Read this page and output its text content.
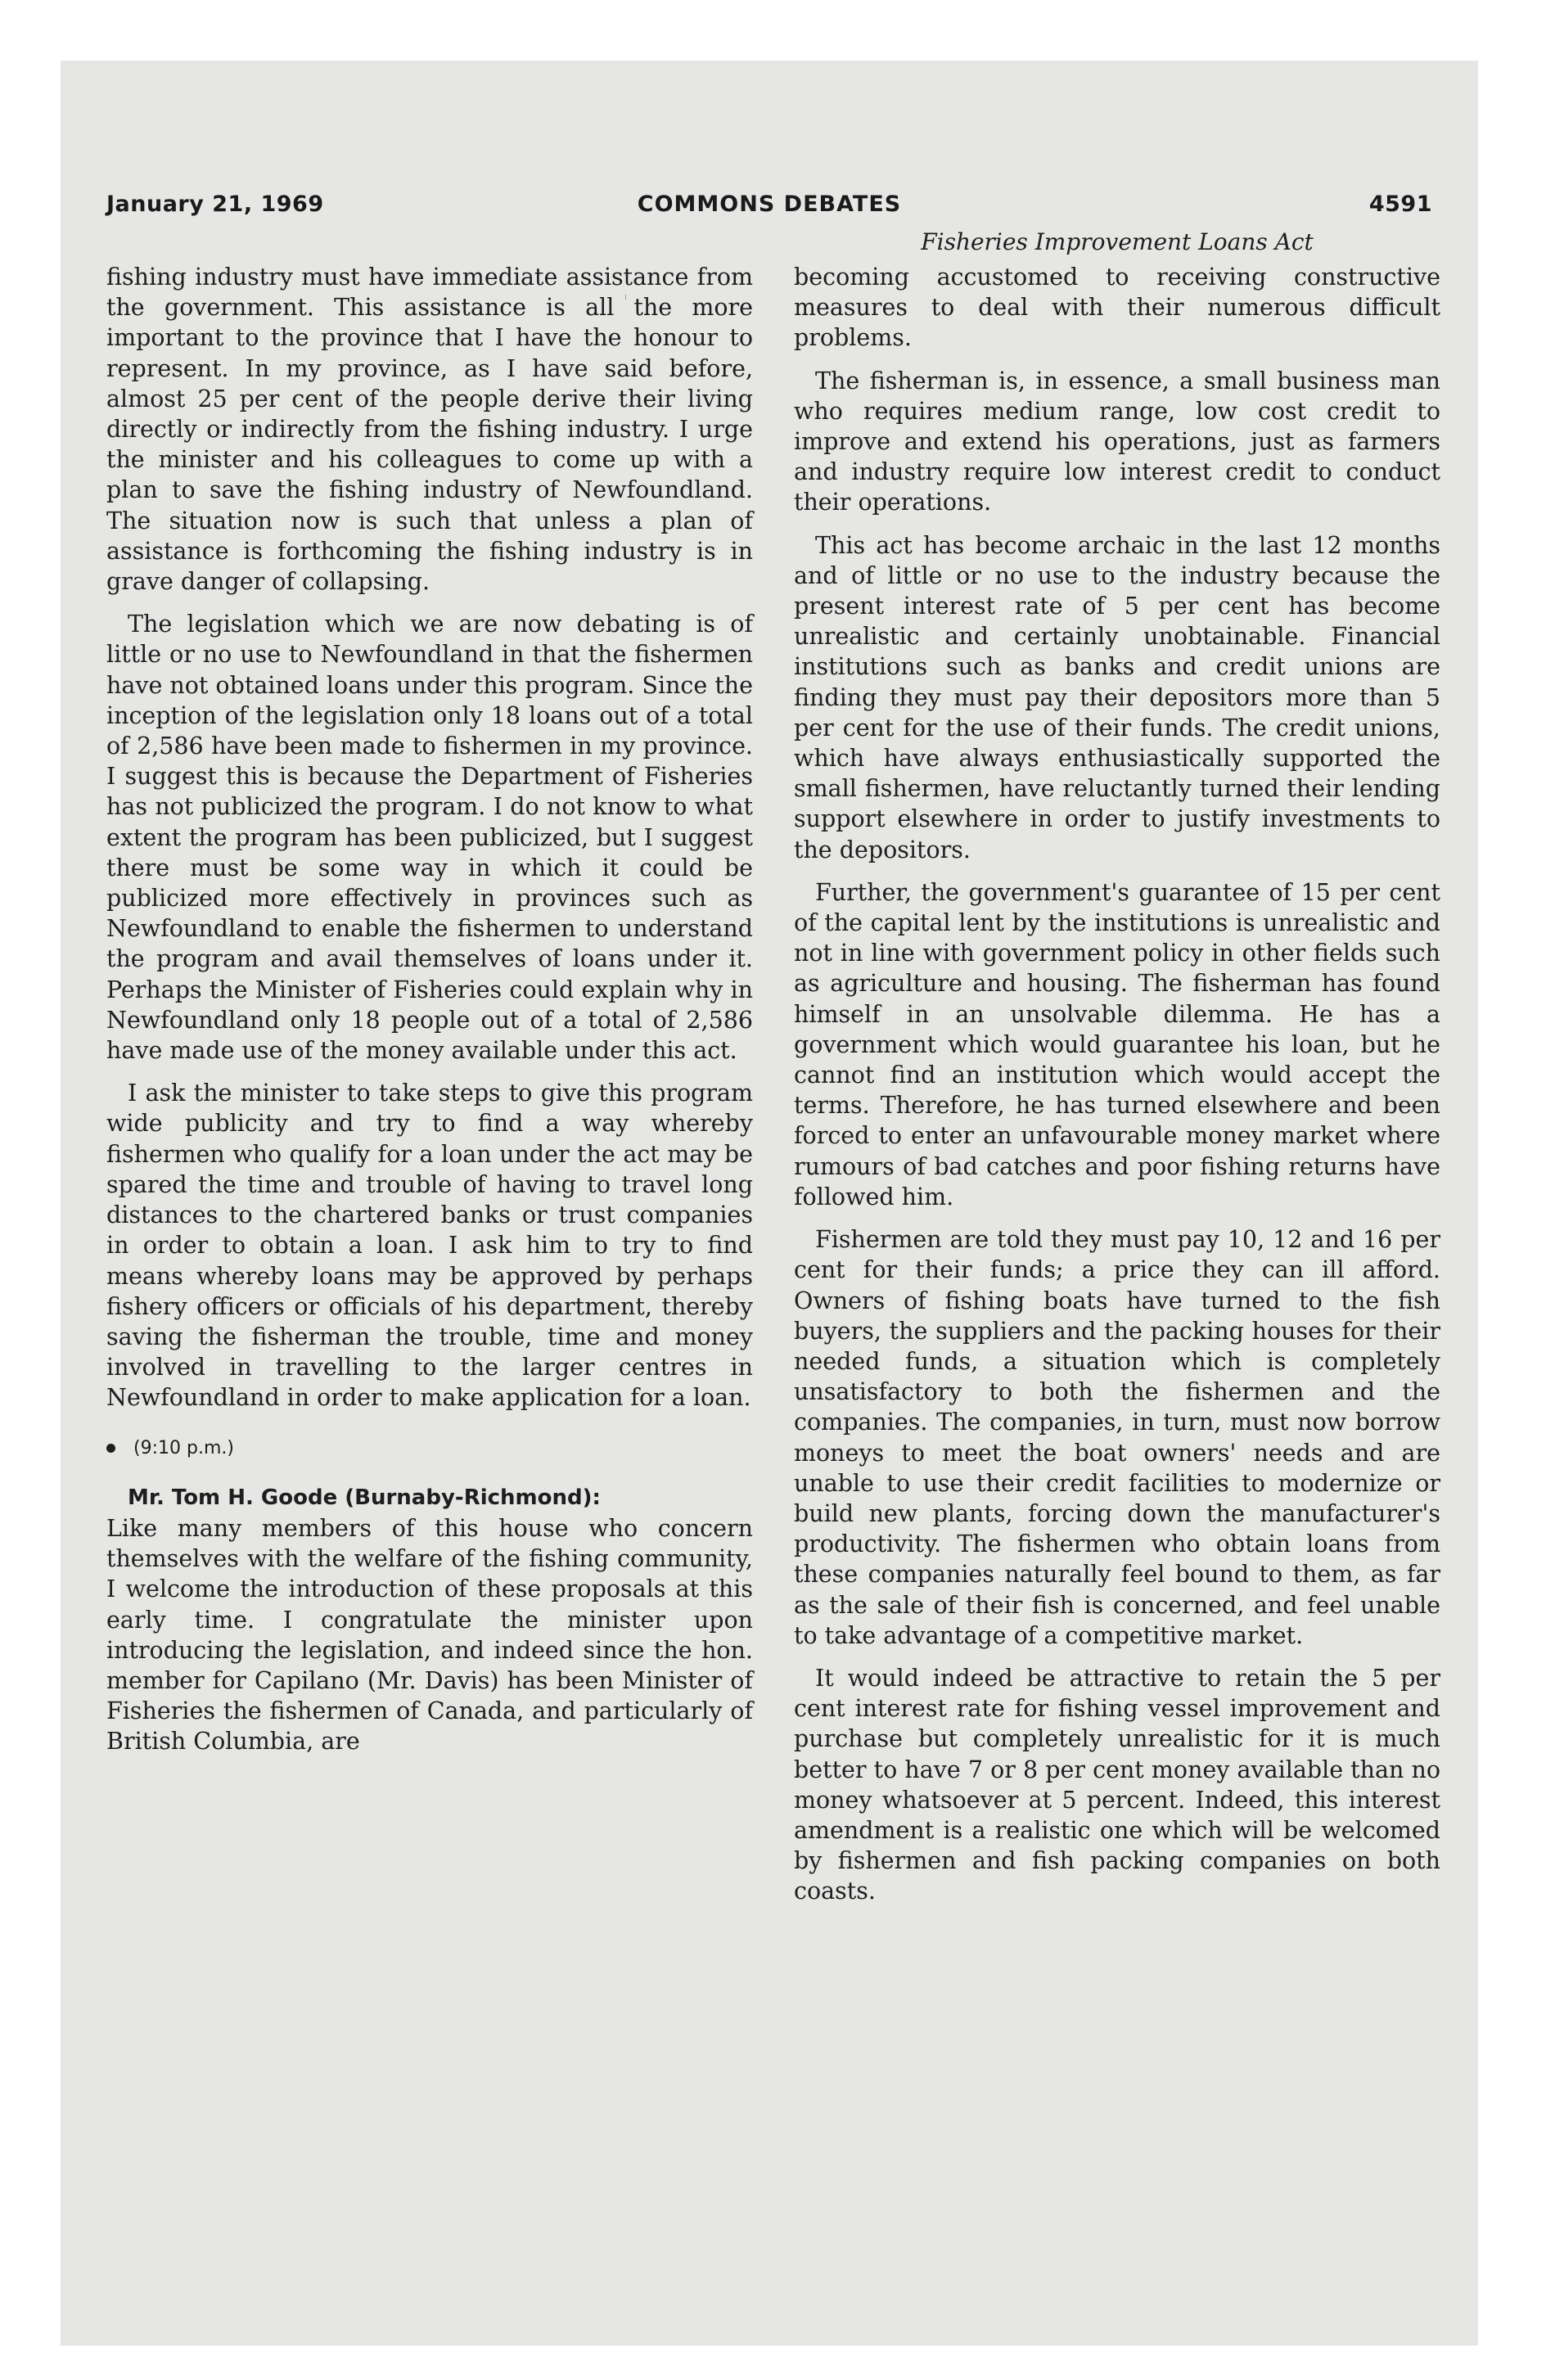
January 21, 1969	COMMONS DEBATES	4591
Fisheries Improvement Loans Act

fishing industry must have immediate assistance from the government. This assistance is all the more important to the province that I have the honour to represent. In my province, as I have said before, almost 25 per cent of the people derive their living directly or indirectly from the fishing industry. I urge the minister and his colleagues to come up with a plan to save the fishing industry of Newfoundland. The situation now is such that unless a plan of assistance is forthcoming the fishing industry is in grave danger of collapsing.

The legislation which we are now debating is of little or no use to Newfoundland in that the fishermen have not obtained loans under this program. Since the inception of the legislation only 18 loans out of a total of 2,586 have been made to fishermen in my province. I suggest this is because the Department of Fisheries has not publicized the program. I do not know to what extent the program has been publicized, but I suggest there must be some way in which it could be publicized more effectively in provinces such as Newfoundland to enable the fishermen to understand the program and avail themselves of loans under it. Perhaps the Minister of Fisheries could explain why in Newfoundland only 18 people out of a total of 2,586 have made use of the money available under this act.

I ask the minister to take steps to give this program wide publicity and try to find a way whereby fishermen who qualify for a loan under the act may be spared the time and trouble of having to travel long distances to the chartered banks or trust companies in order to obtain a loan. I ask him to try to find means whereby loans may be approved by perhaps fishery officers or officials of his department, thereby saving the fisherman the trouble, time and money involved in travelling to the larger centres in Newfoundland in order to make application for a loan.

(9:10 p.m.)

Mr. Tom H. Goode (Burnaby-Richmond):

Like many members of this house who concern themselves with the welfare of the fishing community, I welcome the introduction of these proposals at this early time. I congratulate the minister upon introducing the legislation, and indeed since the hon. member for Capilano (Mr. Davis) has been Minister of Fisheries the fishermen of Canada, and particularly of British Columbia, are

becoming accustomed to receiving constructive measures to deal with their numerous difficult problems.

The fisherman is, in essence, a small business man who requires medium range, low cost credit to improve and extend his operations, just as farmers and industry require low interest credit to conduct their operations.

This act has become archaic in the last 12 months and of little or no use to the industry because the present interest rate of 5 per cent has become unrealistic and certainly unobtainable. Financial institutions such as banks and credit unions are finding they must pay their depositors more than 5 per cent for the use of their funds. The credit unions, which have always enthusiastically supported the small fishermen, have reluctantly turned their lending support elsewhere in order to justify investments to the depositors.

Further, the government's guarantee of 15 per cent of the capital lent by the institutions is unrealistic and not in line with government policy in other fields such as agriculture and housing. The fisherman has found himself in an unsolvable dilemma. He has a government which would guarantee his loan, but he cannot find an institution which would accept the terms. Therefore, he has turned elsewhere and been forced to enter an unfavourable money market where rumours of bad catches and poor fishing returns have followed him.

Fishermen are told they must pay 10, 12 and 16 per cent for their funds; a price they can ill afford. Owners of fishing boats have turned to the fish buyers, the suppliers and the packing houses for their needed funds, a situation which is completely unsatisfactory to both the fishermen and the companies. The companies, in turn, must now borrow moneys to meet the boat owners' needs and are unable to use their credit facilities to modernize or build new plants, forcing down the manufacturer's productivity. The fishermen who obtain loans from these companies naturally feel bound to them, as far as the sale of their fish is concerned, and feel unable to take advantage of a competitive market.

It would indeed be attractive to retain the 5 per cent interest rate for fishing vessel improvement and purchase but completely unrealistic for it is much better to have 7 or 8 per cent money available than no money whatsoever at 5 percent. Indeed, this interest amendment is a realistic one which will be welcomed by fishermen and fish packing companies on both coasts.
